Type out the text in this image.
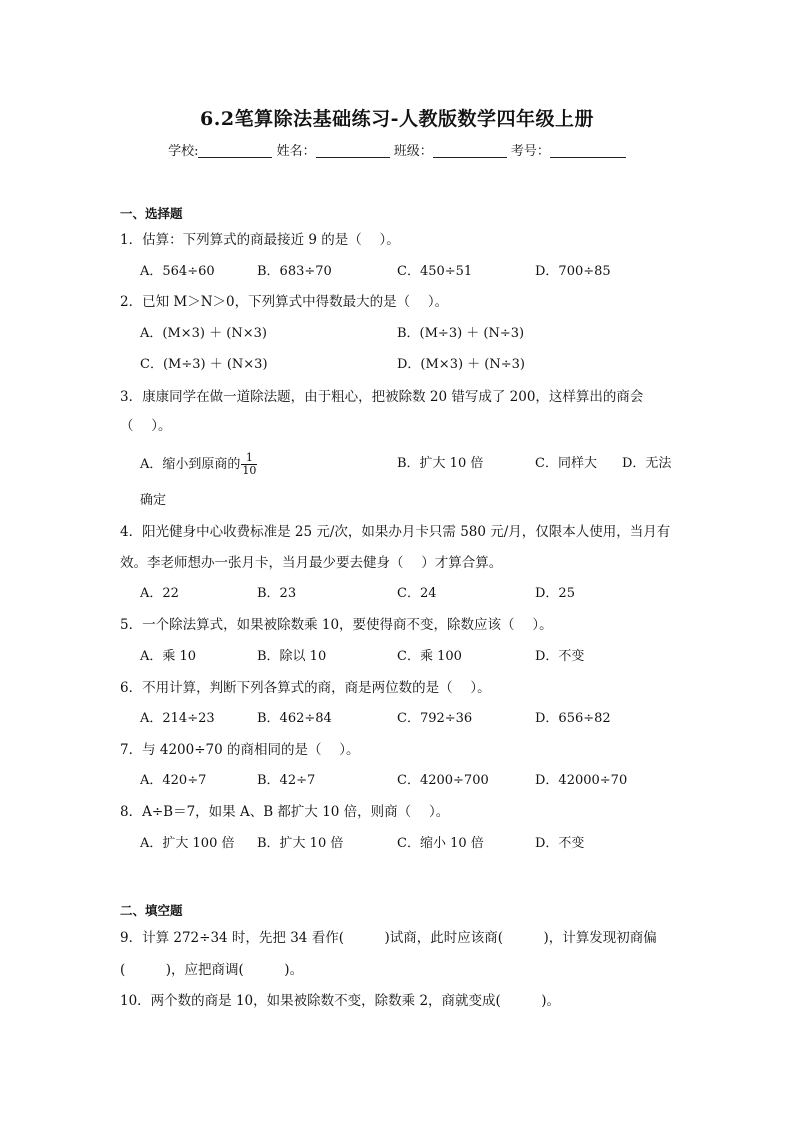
6.2笔算除法基础练习-人教版数学四年级上册
学校:	姓名：	班级：	考号：
一、选择题
1．估算：下列算式的商最接近 9 的是（　 ）。
A．564÷60	B．683÷70	C．450÷51	D．700÷85
2．已知 M＞N＞0，下列算式中得数最大的是（　 ）。
A．(M×3) ＋ (N×3)	B．(M÷3) ＋ (N÷3)
C．(M÷3) ＋ (N×3)	D．(M×3) ＋ (N÷3)
3．康康同学在做一道除法题，由于粗心，把被除数 20 错写成了 200，这样算出的商会
（　 ）。
A．缩小到原商的 $\frac{1}{10}$	B．扩大 10 倍	C．同样大 D．无法
确定
4．阳光健身中心收费标准是 25 元/次，如果办月卡只需 580 元/月，仅限本人使用，当月有
效。李老师想办一张月卡，当月最少要去健身（　 ）才算合算。
A．22	B．23	C．24	D．25
5．一个除法算式，如果被除数乘 10，要使得商不变，除数应该（　 ）。
A．乘 10	B．除以 10	C．乘 100	D．不变
6．不用计算，判断下列各算式的商，商是两位数的是（　 ）。
A．214÷23	B．462÷84	C．792÷36	D．656÷82
7．与 4200÷70 的商相同的是（　 ）。
A．420÷7	B．42÷7	C．4200÷700	D．42000÷70
8．A÷B＝7，如果 A、B 都扩大 10 倍，则商（　 ）。
A．扩大 100 倍 B．扩大 10 倍	C．缩小 10 倍	D．不变
二、填空题
9．计算 272÷34 时，先把 34 看作(　　　)试商，此时应该商(　　　)，计算发现初商偏
(　　　)，应把商调(　　　)。
10．两个数的商是 10，如果被除数不变，除数乘 2，商就变成(　　　)。
